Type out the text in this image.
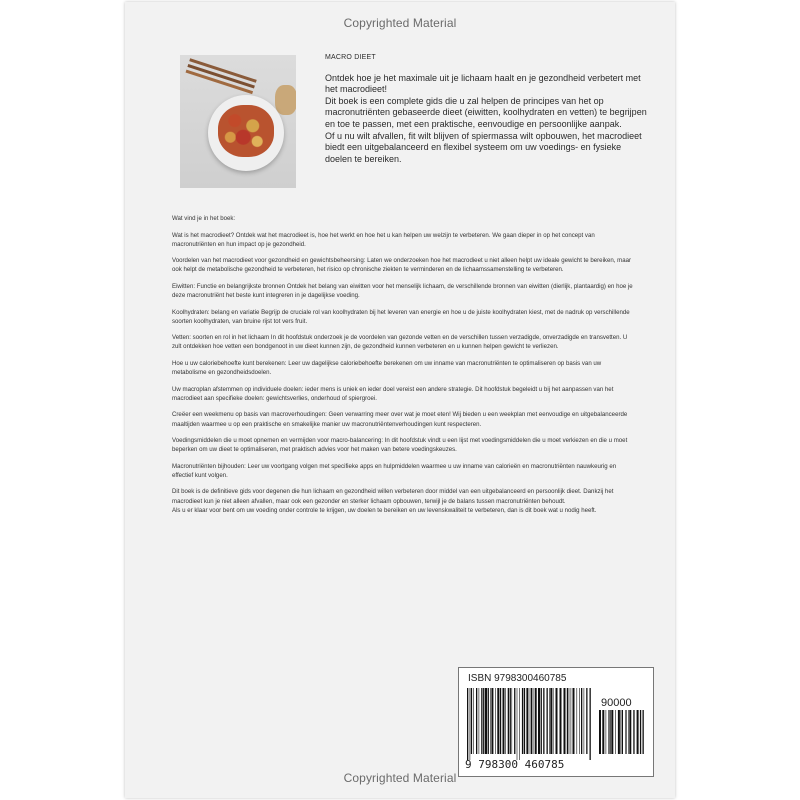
Copyrighted Material
MACRO DIEET

Ontdek hoe je het maximale uit je lichaam haalt en je gezondheid verbetert met het macrodieet!

Dit boek is een complete gids die u zal helpen de principes van het op macronutriënten gebaseerde dieet (eiwitten, koolhydraten en vetten) te begrijpen en toe te passen, met een praktische, eenvoudige en persoonlijke aanpak.

Of u nu wilt afvallen, fit wilt blijven of spiermassa wilt opbouwen, het macrodieet biedt een uitgebalanceerd en flexibel systeem om uw voedings- en fysieke doelen te bereiken.

Wat vind je in het boek:

Wat is het macrodieet? Ontdek wat het macrodieet is, hoe het werkt en hoe het u kan helpen uw welzijn te verbeteren. We gaan dieper in op het concept van macronutriënten en hun impact op je gezondheid.

Voordelen van het macrodieet voor gezondheid en gewichtsbeheersing: Laten we onderzoeken hoe het macrodieet u niet alleen helpt uw ideale gewicht te bereiken, maar ook helpt de metabolische gezondheid te verbeteren, het risico op chronische ziekten te verminderen en de lichaamssamenstelling te verbeteren.

Eiwitten: Functie en belangrijkste bronnen Ontdek het belang van eiwitten voor het menselijk lichaam, de verschillende bronnen van eiwitten (dierlijk, plantaardig) en hoe je deze macronutriënt het beste kunt integreren in je dagelijkse voeding.

Koolhydraten: belang en variatie Begrijp de cruciale rol van koolhydraten bij het leveren van energie en hoe u de juiste koolhydraten kiest, met de nadruk op verschillende soorten koolhydraten, van bruine rijst tot vers fruit.

Vetten: soorten en rol in het lichaam In dit hoofdstuk onderzoek je de voordelen van gezonde vetten en de verschillen tussen verzadigde, onverzadigde en transvetten. U zult ontdekken hoe vetten een bondgenoot in uw dieet kunnen zijn, de gezondheid kunnen verbeteren en u kunnen helpen gewicht te verliezen.

Hoe u uw caloriebehoefte kunt berekenen: Leer uw dagelijkse caloriebehoefte berekenen om uw inname van macronutriënten te optimaliseren op basis van uw metabolisme en gezondheidsdoelen.

Uw macroplan afstemmen op individuele doelen: ieder mens is uniek en ieder doel vereist een andere strategie. Dit hoofdstuk begeleidt u bij het aanpassen van het macrodieet aan specifieke doelen: gewichtsverlies, onderhoud of spiergroei.

Creëer een weekmenu op basis van macroverhoudingen: Geen verwarring meer over wat je moet eten! Wij bieden u een weekplan met eenvoudige en uitgebalanceerde maaltijden waarmee u op een praktische en smakelijke manier uw macronutriëntenverhoudingen kunt respecteren.

Voedingsmiddelen die u moet opnemen en vermijden voor macro-balancering: In dit hoofdstuk vindt u een lijst met voedingsmiddelen die u moet verkiezen en die u moet beperken om uw dieet te optimaliseren, met praktisch advies voor het maken van betere voedingskeuzes.

Macronutriënten bijhouden: Leer uw voortgang volgen met specifieke apps en hulpmiddelen waarmee u uw inname van calorieën en macronutriënten nauwkeurig en effectief kunt volgen.

Dit boek is de definitieve gids voor degenen die hun lichaam en gezondheid willen verbeteren door middel van een uitgebalanceerd en persoonlijk dieet. Dankzij het macrodieet kun je niet alleen afvallen, maar ook een gezonder en sterker lichaam opbouwen, terwijl je de balans tussen macronutriënten behoudt.
Als u er klaar voor bent om uw voeding onder controle te krijgen, uw doelen te bereiken en uw levenskwaliteit te verbeteren, dan is dit boek wat u nodig heeft.

ISBN 9798300460785
90000
9 798300 460785
Copyrighted Material
